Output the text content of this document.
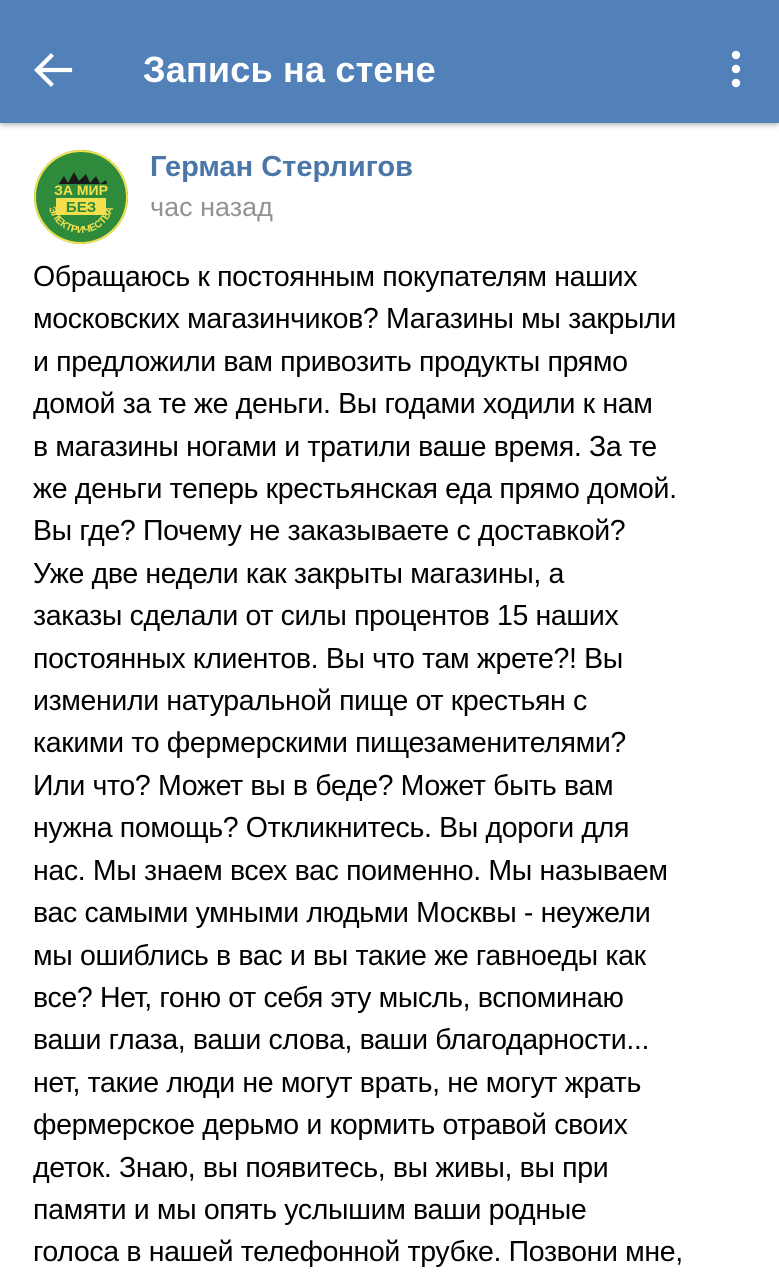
Запись на стене
ЗА МИР
БЕЗ
ЭЛЕКТРИЧЕСТВА
Герман Стерлигов
час назад
Обращаюсь к постоянным покупателям наших
московских магазинчиков? Магазины мы закрыли
и предложили вам привозить продукты прямо
домой за те же деньги. Вы годами ходили к нам
в магазины ногами и тратили ваше время. За те
же деньги теперь крестьянская еда прямо домой.
Вы где? Почему не заказываете с доставкой?
Уже две недели как закрыты магазины, а
заказы сделали от силы процентов 15 наших
постоянных клиентов. Вы что там жрете?! Вы
изменили натуральной пище от крестьян с
какими то фермерскими пищезаменителями?
Или что? Может вы в беде? Может быть вам
нужна помощь? Откликнитесь. Вы дороги для
нас. Мы знаем всех вас поименно. Мы называем
вас самыми умными людьми Москвы - неужели
мы ошиблись в вас и вы такие же гавноеды как
все? Нет, гоню от себя эту мысль, вспоминаю
ваши глаза, ваши слова, ваши благодарности...
нет, такие люди не могут врать, не могут жрать
фермерское дерьмо и кормить отравой своих
деток. Знаю, вы появитесь, вы живы, вы при
памяти и мы опять услышим ваши родные
голоса в нашей телефонной трубке. Позвони мне,
